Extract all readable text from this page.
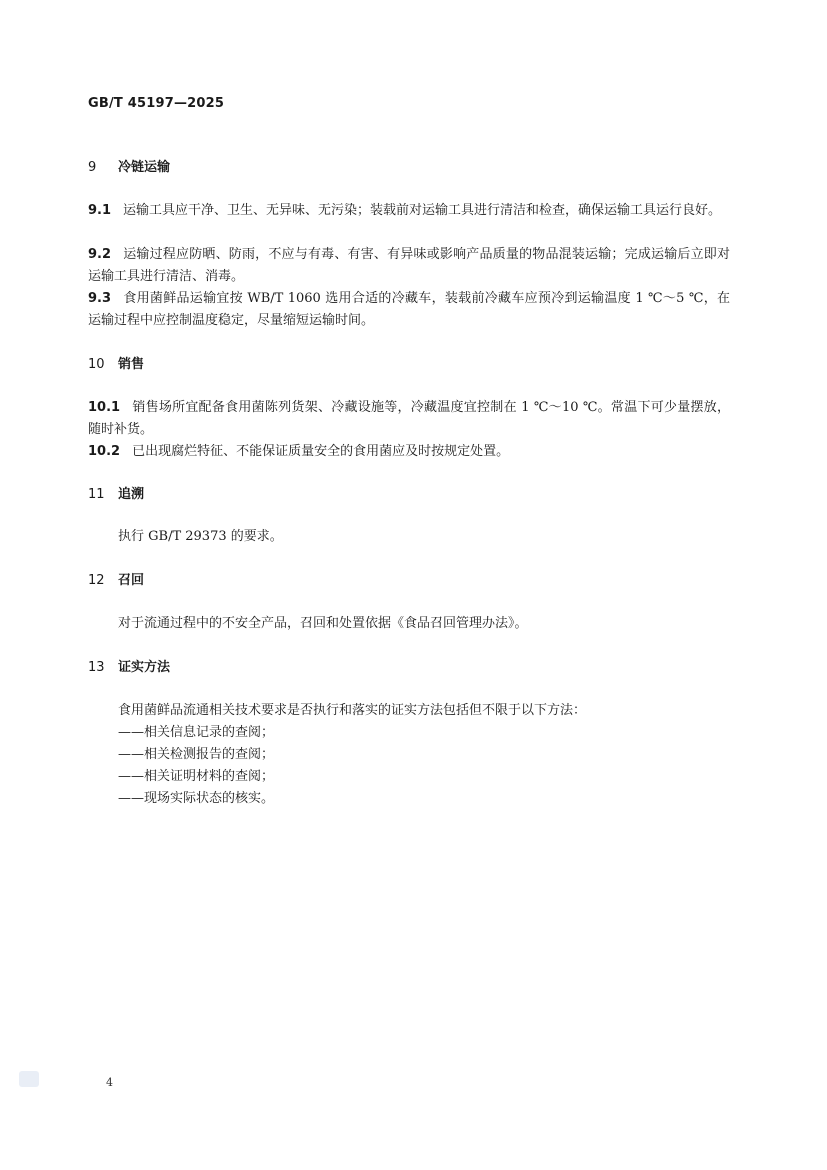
GB/T 45197—2025
9 冷链运输
9.1 运输工具应干净、卫生、无异味、无污染；装载前对运输工具进行清洁和检查，确保运输工具运行良好。
9.2 运输过程应防晒、防雨，不应与有毒、有害、有异味或影响产品质量的物品混装运输；完成运输后立即对运输工具进行清洁、消毒。
9.3 食用菌鲜品运输宜按 WB/T 1060 选用合适的冷藏车，装载前冷藏车应预冷到运输温度 1 ℃～5 ℃，在运输过程中应控制温度稳定，尽量缩短运输时间。
10 销售
10.1 销售场所宜配备食用菌陈列货架、冷藏设施等，冷藏温度宜控制在 1 ℃～10 ℃。常温下可少量摆放，随时补货。
10.2 已出现腐烂特征、不能保证质量安全的食用菌应及时按规定处置。
11 追溯
执行 GB/T 29373 的要求。
12 召回
对于流通过程中的不安全产品，召回和处置依据《食品召回管理办法》。
13 证实方法
食用菌鲜品流通相关技术要求是否执行和落实的证实方法包括但不限于以下方法：
——相关信息记录的查阅；
——相关检测报告的查阅；
——相关证明材料的查阅；
——现场实际状态的核实。
4
